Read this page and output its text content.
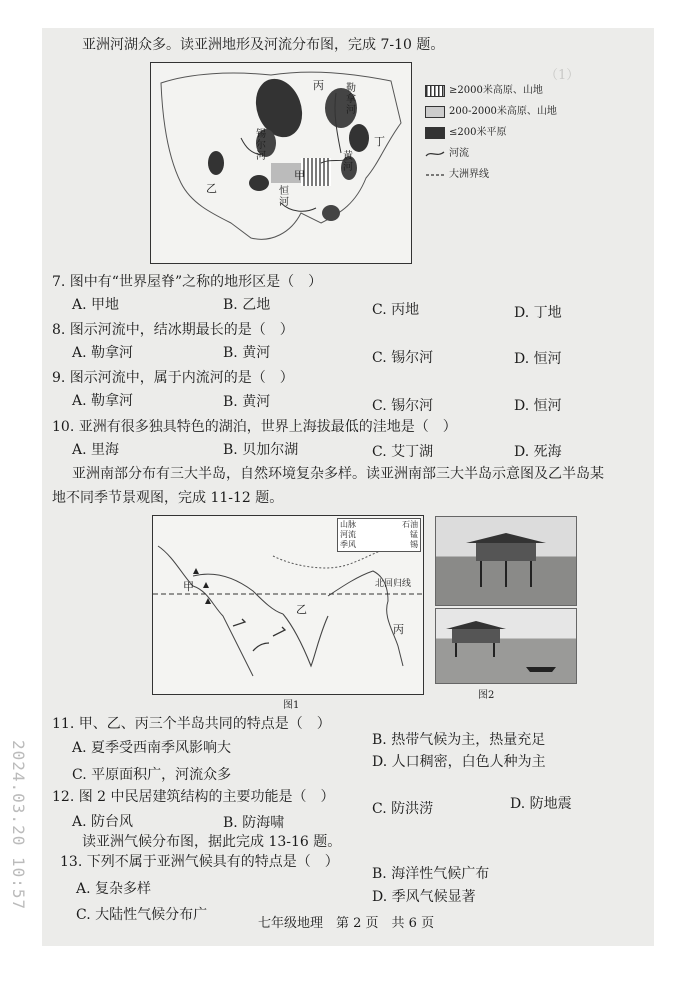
（1）
亚洲河湖众多。读亚洲地形及河流分布图，完成 7-10 题。
勒
拿
河
丙
丁
锡
尔
河	黄
河
乙
甲
恒
河
≥2000米高原、山地
200-2000米高原、山地
≤200米平原
河流
大洲界线
7. 图中有“世界屋脊”之称的地形区是（　）
A. 甲地	B. 乙地	C. 丙地	D. 丁地
8. 图示河流中，结冰期最长的是（　）
A. 勒拿河	B. 黄河	C. 锡尔河	D. 恒河
9. 图示河流中，属于内流河的是（　）
A. 勒拿河	B. 黄河	C. 锡尔河	D. 恒河
10. 亚洲有很多独具特色的湖泊，世界上海拔最低的洼地是（　）
A. 里海	B. 贝加尔湖	C. 艾丁湖	D. 死海
亚洲南部分布有三大半岛，自然环境复杂多样。读亚洲南部三大半岛示意图及乙半岛某
地不同季节景观图，完成 11-12 题。
山脉	石油
河流	锰
季风	锡
甲
乙
丙
北回归线
图1
图2
11. 甲、乙、丙三个半岛共同的特点是（　）
A. 夏季受西南季风影响大	B. 热带气候为主，热量充足
C. 平原面积广，河流众多
D. 人口稠密，白色人种为主
12. 图 2 中民居建筑结构的主要功能是（　）
A. 防台风	B. 防海啸
C. 防洪涝	D. 防地震
读亚洲气候分布图，据此完成 13-16 题。
13. 下列不属于亚洲气候具有的特点是（　）
A. 复杂多样
B. 海洋性气候广布
C. 大陆性气候分布广
D. 季风气候显著
七年级地理　第 2 页　共 6 页
2024.03.20 10:57
